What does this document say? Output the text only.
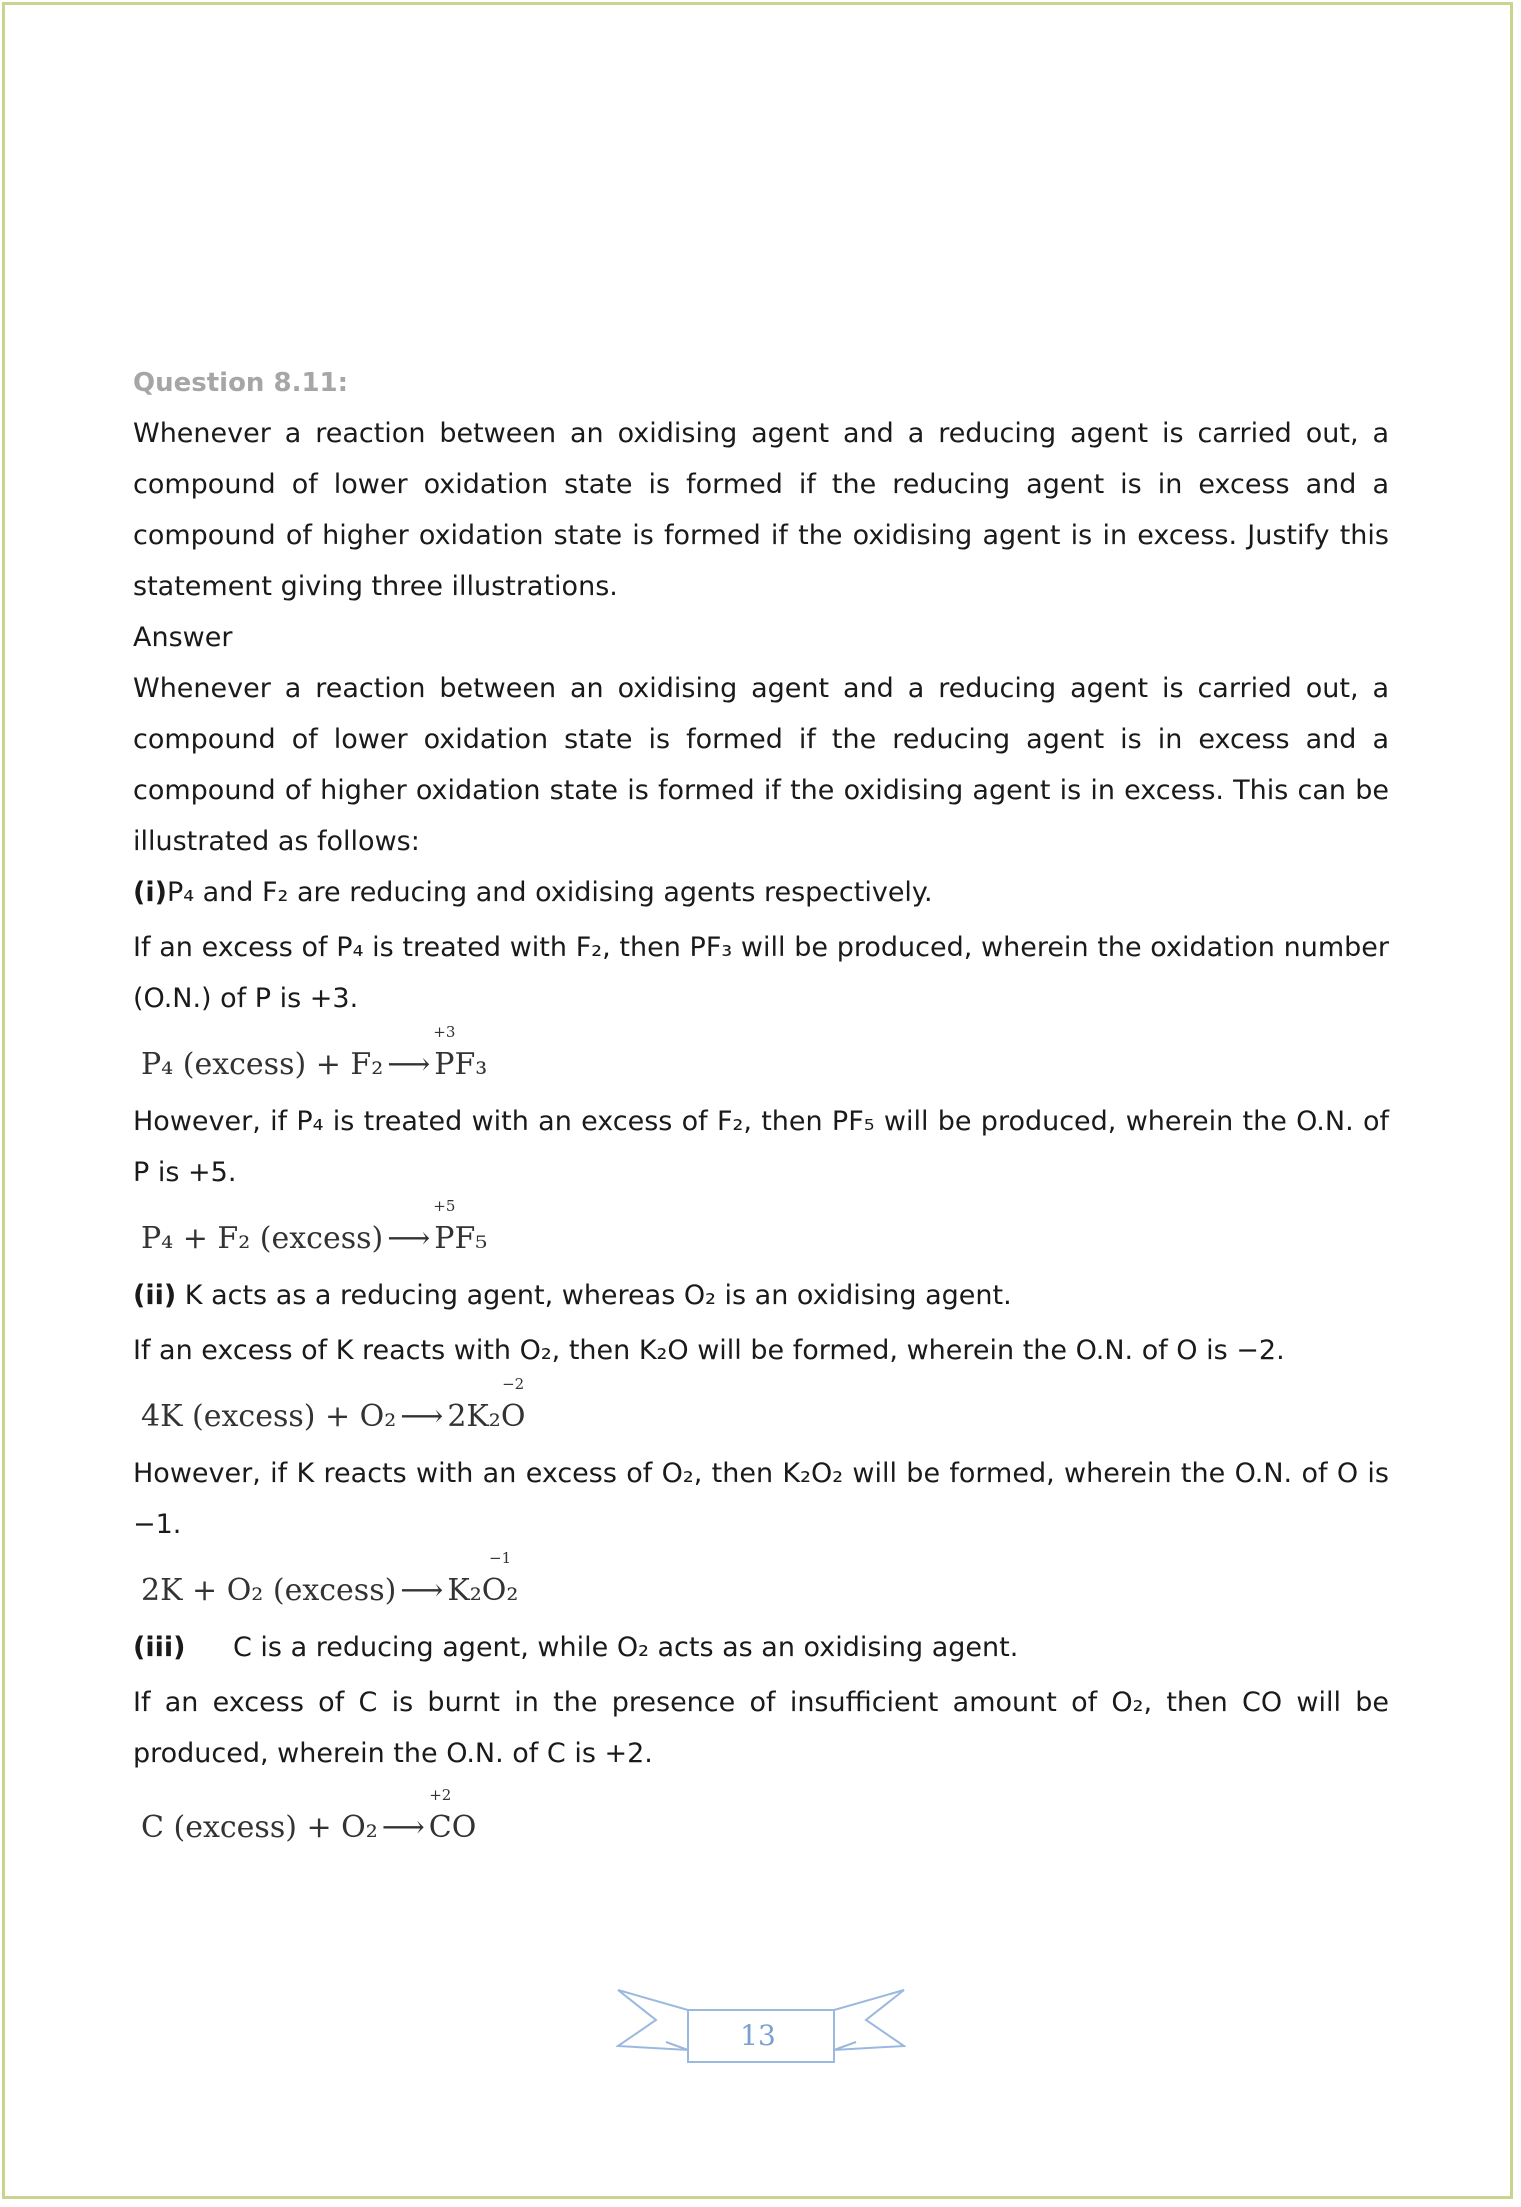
Question 8.11:

Whenever a reaction between an oxidising agent and a reducing agent is carried out, a compound of lower oxidation state is formed if the reducing agent is in excess and a compound of higher oxidation state is formed if the oxidising agent is in excess. Justify this statement giving three illustrations.

Answer

Whenever a reaction between an oxidising agent and a reducing agent is carried out, a compound of lower oxidation state is formed if the reducing agent is in excess and a compound of higher oxidation state is formed if the oxidising agent is in excess. This can be illustrated as follows:

(i)P₄ and F₂ are reducing and oxidising agents respectively.

If an excess of P₄ is treated with F₂, then PF₃ will be produced, wherein the oxidation number (O.N.) of P is +3.

P₄ (excess) + F₂ ⟶
+3
P F₃

However, if P₄ is treated with an excess of F₂, then PF₅ will be produced, wherein the O.N. of P is +5.

P₄ + F₂ (excess) ⟶
+5
P F₅

(ii) K acts as a reducing agent, whereas O₂ is an oxidising agent.

If an excess of K reacts with O₂, then K₂O will be formed, wherein the O.N. of O is −2.

4K (excess) + O₂ ⟶ 2K₂
−2
O

However, if K reacts with an excess of O₂, then K₂O₂ will be formed, wherein the O.N. of O is −1.

2K + O₂ (excess) ⟶ K₂
−1
O₂

(iii) C is a reducing agent, while O₂ acts as an oxidising agent.

If an excess of C is burnt in the presence of insufficient amount of O₂, then CO will be produced, wherein the O.N. of C is +2.

C (excess) + O₂ ⟶
+2
C O
13
